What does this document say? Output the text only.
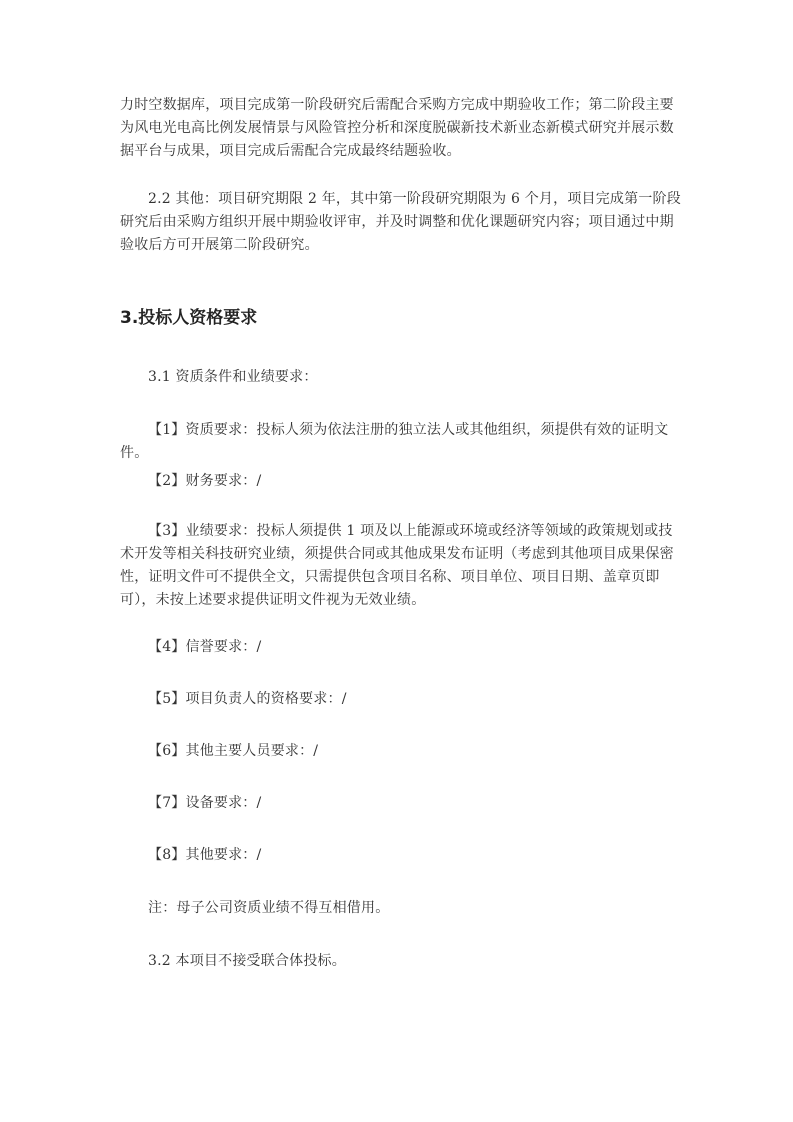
力时空数据库，项目完成第一阶段研究后需配合采购方完成中期验收工作；第二阶段主要为风电光电高比例发展情景与风险管控分析和深度脱碳新技术新业态新模式研究并展示数据平台与成果，项目完成后需配合完成最终结题验收。

2.2 其他：项目研究期限 2 年，其中第一阶段研究期限为 6 个月，项目完成第一阶段研究后由采购方组织开展中期验收评审，并及时调整和优化课题研究内容；项目通过中期验收后方可开展第二阶段研究。

3.投标人资格要求

3.1 资质条件和业绩要求：

【1】资质要求：投标人须为依法注册的独立法人或其他组织，须提供有效的证明文件。

【2】财务要求：/

【3】业绩要求：投标人须提供 1 项及以上能源或环境或经济等领域的政策规划或技术开发等相关科技研究业绩，须提供合同或其他成果发布证明（考虑到其他项目成果保密性，证明文件可不提供全文，只需提供包含项目名称、项目单位、项目日期、盖章页即可），未按上述要求提供证明文件视为无效业绩。

【4】信誉要求：/

【5】项目负责人的资格要求：/

【6】其他主要人员要求：/

【7】设备要求：/

【8】其他要求：/

注：母子公司资质业绩不得互相借用。

3.2 本项目不接受联合体投标。
